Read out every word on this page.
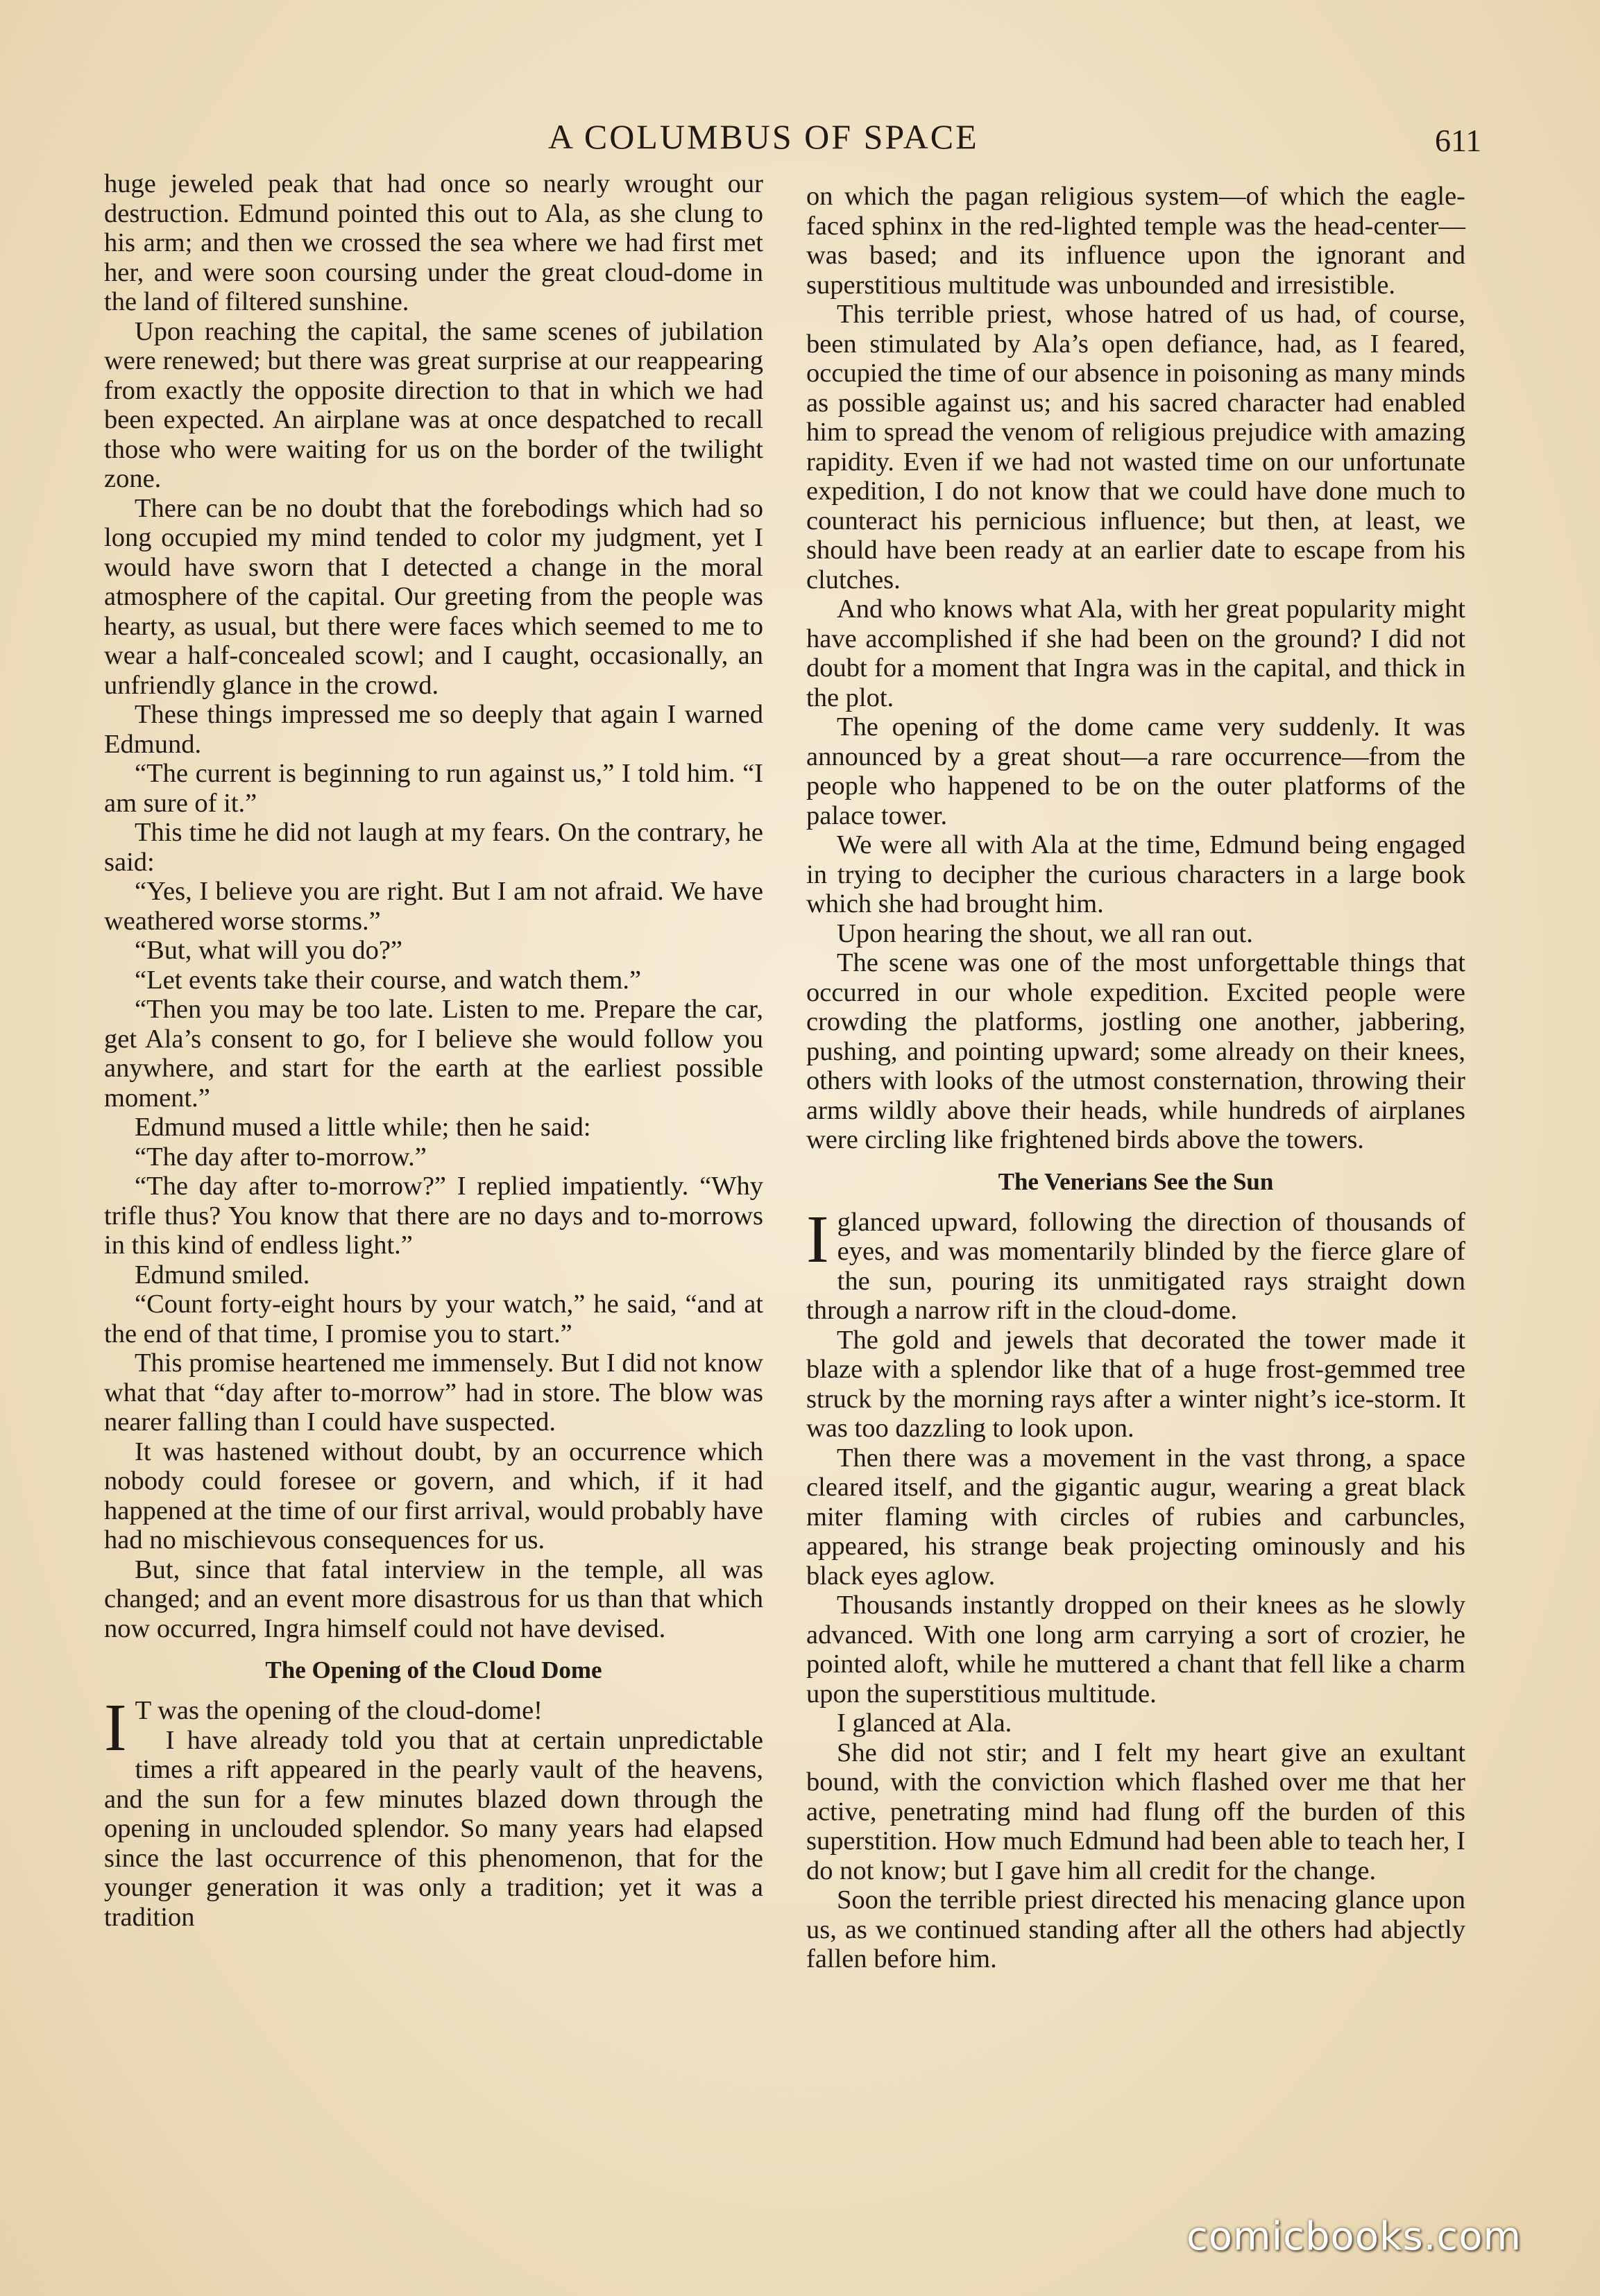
A COLUMBUS OF SPACE	611

huge jeweled peak that had once so nearly wrought our destruction. Edmund pointed this out to Ala, as she clung to his arm; and then we crossed the sea where we had first met her, and were soon coursing under the great cloud-dome in the land of filtered sunshine.

Upon reaching the capital, the same scenes of jubilation were renewed; but there was great surprise at our reappearing from exactly the opposite direction to that in which we had been expected. An airplane was at once despatched to recall those who were waiting for us on the border of the twilight zone.

There can be no doubt that the forebodings which had so long occupied my mind tended to color my judgment, yet I would have sworn that I detected a change in the moral atmosphere of the capital. Our greeting from the people was hearty, as usual, but there were faces which seemed to me to wear a half-concealed scowl; and I caught, occasionally, an unfriendly glance in the crowd.

These things impressed me so deeply that again I warned Edmund.

“The current is beginning to run against us,” I told him. “I am sure of it.”

This time he did not laugh at my fears. On the contrary, he said:

“Yes, I believe you are right. But I am not afraid. We have weathered worse storms.”

“But, what will you do?”

“Let events take their course, and watch them.”

“Then you may be too late. Listen to me. Prepare the car, get Ala’s consent to go, for I believe she would follow you anywhere, and start for the earth at the earliest possible moment.”

Edmund mused a little while; then he said:

“The day after to-morrow.”

“The day after to-morrow?” I replied impatiently. “Why trifle thus? You know that there are no days and to-morrows in this kind of endless light.”

Edmund smiled.

“Count forty-eight hours by your watch,” he said, “and at the end of that time, I promise you to start.”

This promise heartened me immensely. But I did not know what that “day after to-morrow” had in store. The blow was nearer falling than I could have suspected.

It was hastened without doubt, by an occurrence which nobody could foresee or govern, and which, if it had happened at the time of our first arrival, would probably have had no mischievous consequences for us.

But, since that fatal interview in the temple, all was changed; and an event more disastrous for us than that which now occurred, Ingra himself could not have devised.

The Opening of the Cloud Dome

I T was the opening of the cloud-dome!

I have already told you that at certain unpredictable times a rift appeared in the pearly vault of the heavens, and the sun for a few minutes blazed down through the opening in unclouded splendor. So many years had elapsed since the last occurrence of this phenomenon, that for the younger generation it was only a tradition; yet it was a tradition

on which the pagan religious system—of which the eagle-faced sphinx in the red-lighted temple was the head-center—was based; and its influence upon the ignorant and superstitious multitude was unbounded and irresistible.

This terrible priest, whose hatred of us had, of course, been stimulated by Ala’s open defiance, had, as I feared, occupied the time of our absence in poisoning as many minds as possible against us; and his sacred character had enabled him to spread the venom of religious prejudice with amazing rapidity. Even if we had not wasted time on our unfortunate expedition, I do not know that we could have done much to counteract his pernicious influence; but then, at least, we should have been ready at an earlier date to escape from his clutches.

And who knows what Ala, with her great popularity might have accomplished if she had been on the ground? I did not doubt for a moment that Ingra was in the capital, and thick in the plot.

The opening of the dome came very suddenly. It was announced by a great shout—a rare occurrence—from the people who happened to be on the outer platforms of the palace tower.

We were all with Ala at the time, Edmund being engaged in trying to decipher the curious characters in a large book which she had brought him.

Upon hearing the shout, we all ran out.

The scene was one of the most unforgettable things that occurred in our whole expedition. Excited people were crowding the platforms, jostling one another, jabbering, pushing, and pointing upward; some already on their knees, others with looks of the utmost consternation, throwing their arms wildly above their heads, while hundreds of airplanes were circling like frightened birds above the towers.

The Venerians See the Sun

Iglanced upward, following the direction of thousands of eyes, and was momentarily blinded by the fierce glare of the sun, pouring its unmitigated rays straight down through a narrow rift in the cloud-dome.

The gold and jewels that decorated the tower made it blaze with a splendor like that of a huge frost-gemmed tree struck by the morning rays after a winter night’s ice-storm. It was too dazzling to look upon.

Then there was a movement in the vast throng, a space cleared itself, and the gigantic augur, wearing a great black miter flaming with circles of rubies and carbuncles, appeared, his strange beak projecting ominously and his black eyes aglow.

Thousands instantly dropped on their knees as he slowly advanced. With one long arm carrying a sort of crozier, he pointed aloft, while he muttered a chant that fell like a charm upon the superstitious multitude.

I glanced at Ala.

She did not stir; and I felt my heart give an exultant bound, with the conviction which flashed over me that her active, penetrating mind had flung off the burden of this superstition. How much Edmund had been able to teach her, I do not know; but I gave him all credit for the change.

Soon the terrible priest directed his menacing glance upon us, as we continued standing after all the others had abjectly fallen before him.

comicbooks.com
